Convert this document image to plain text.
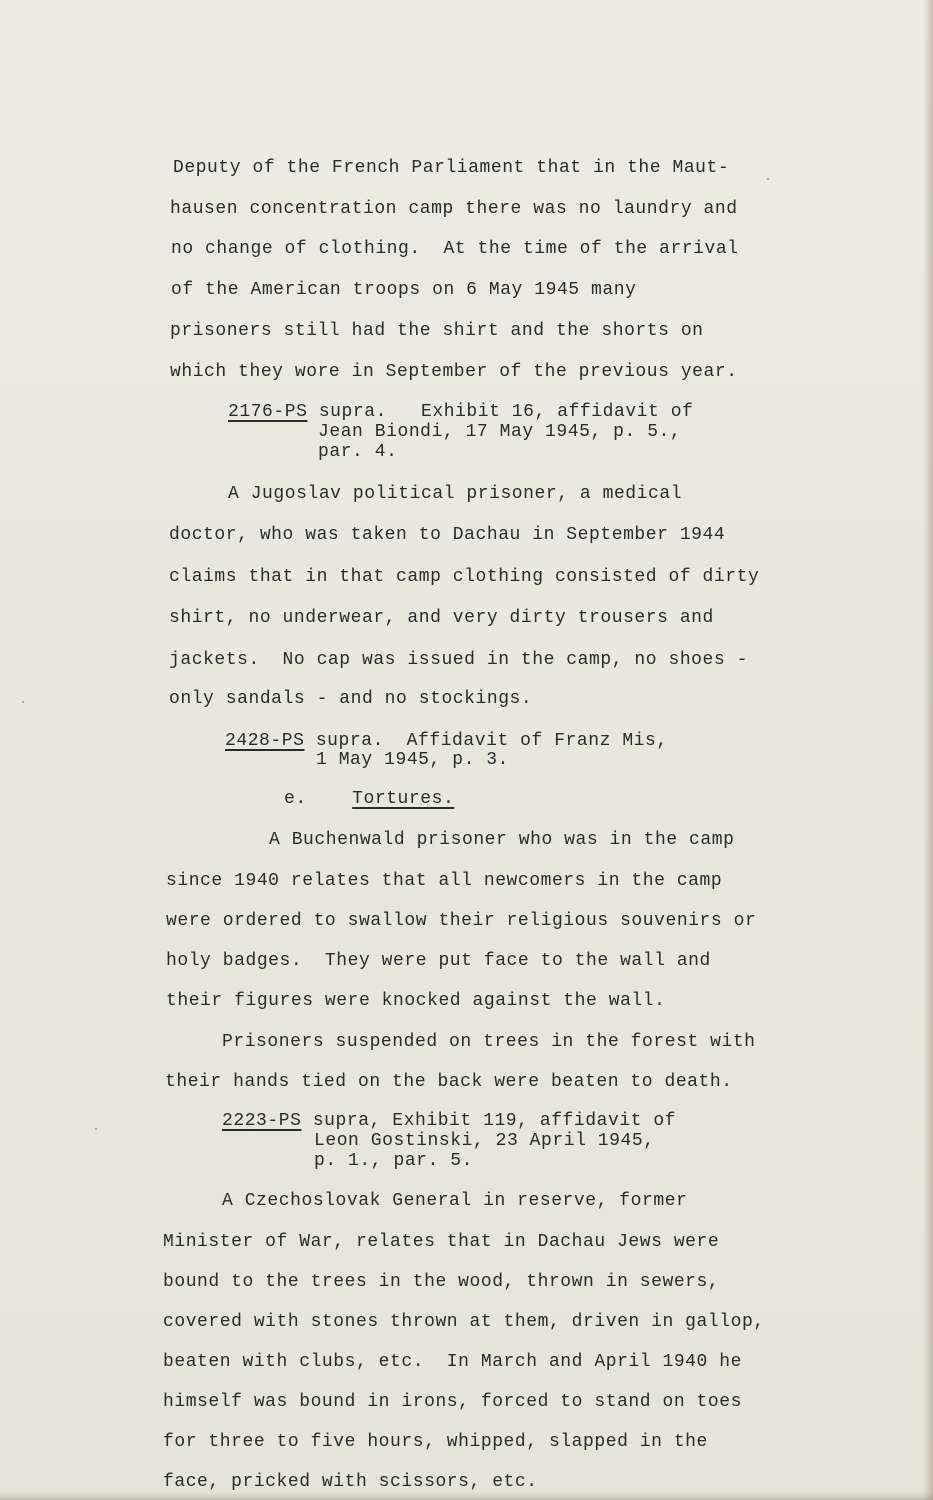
Deputy of the French Parliament that in the Maut-
hausen concentration camp there was no laundry and
no change of clothing.  At the time of the arrival
of the American troops on 6 May 1945 many
prisoners still had the shirt and the shorts on
which they wore in September of the previous year.
2176-PS supra.   Exhibit 16, affidavit of
Jean Biondi, 17 May 1945, p. 5.,
par. 4.
A Jugoslav political prisoner, a medical
doctor, who was taken to Dachau in September 1944
claims that in that camp clothing consisted of dirty
shirt, no underwear, and very dirty trousers and
jackets.  No cap was issued in the camp, no shoes -
only sandals - and no stockings.
2428-PS supra.  Affidavit of Franz Mis,
1 May 1945, p. 3.
e.	Tortures.
A Buchenwald prisoner who was in the camp
since 1940 relates that all newcomers in the camp
were ordered to swallow their religious souvenirs or
holy badges.  They were put face to the wall and
their figures were knocked against the wall.
Prisoners suspended on trees in the forest with
their hands tied on the back were beaten to death.
2223-PS supra, Exhibit 119, affidavit of
Leon Gostinski, 23 April 1945,
p. 1., par. 5.
A Czechoslovak General in reserve, former
Minister of War, relates that in Dachau Jews were
bound to the trees in the wood, thrown in sewers,
covered with stones thrown at them, driven in gallop,
beaten with clubs, etc.  In March and April 1940 he
himself was bound in irons, forced to stand on toes
for three to five hours, whipped, slapped in the
face, pricked with scissors, etc.
